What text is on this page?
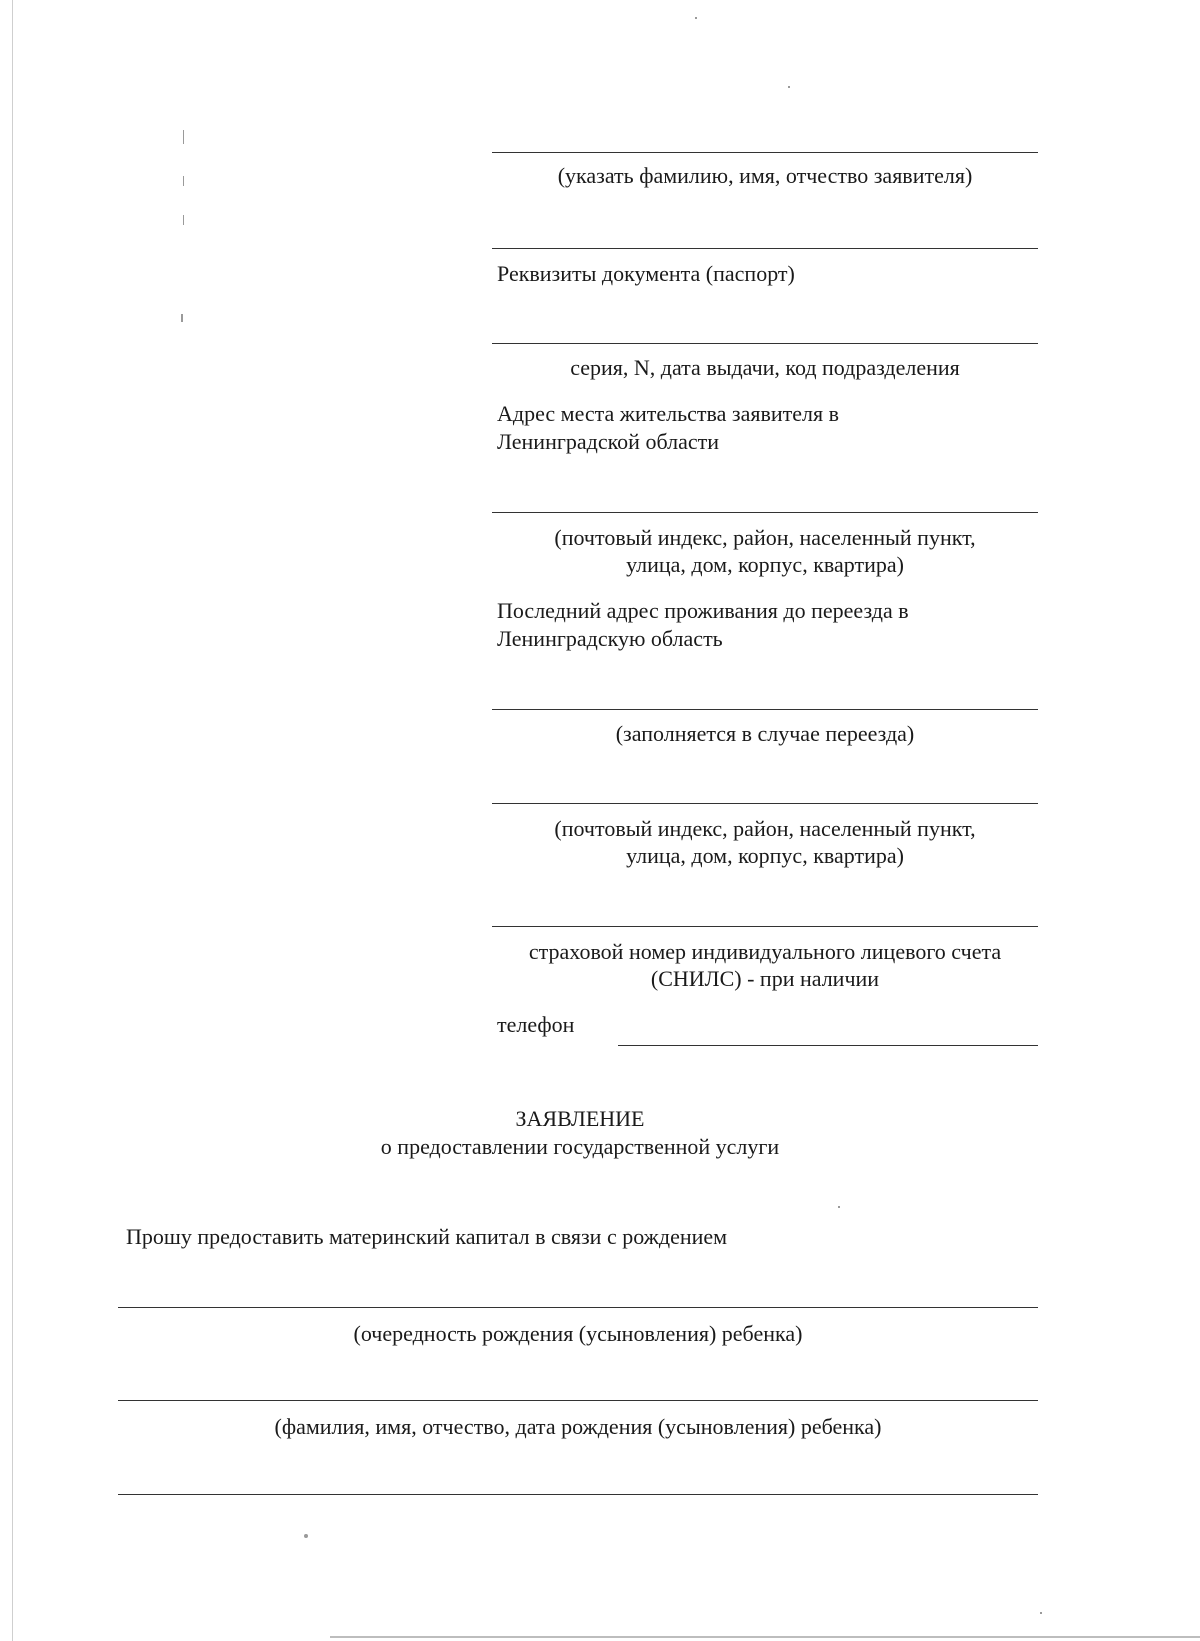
(указать фамилию, имя, отчество заявителя)
Реквизиты документа (паспорт)
серия, N, дата выдачи, код подразделения
Адрес места жительства заявителя в
Ленинградской области
(почтовый индекс, район, населенный пункт,
улица, дом, корпус, квартира)
Последний адрес проживания до переезда в
Ленинградскую область
(заполняется в случае переезда)
(почтовый индекс, район, населенный пункт,
улица, дом, корпус, квартира)
страховой номер индивидуального лицевого счета
(СНИЛС) - при наличии
телефон
ЗАЯВЛЕНИЕ
о предоставлении государственной услуги
Прошу предоставить материнский капитал в связи с рождением
(очередность рождения (усыновления) ребенка)
(фамилия, имя, отчество, дата рождения (усыновления) ребенка)
